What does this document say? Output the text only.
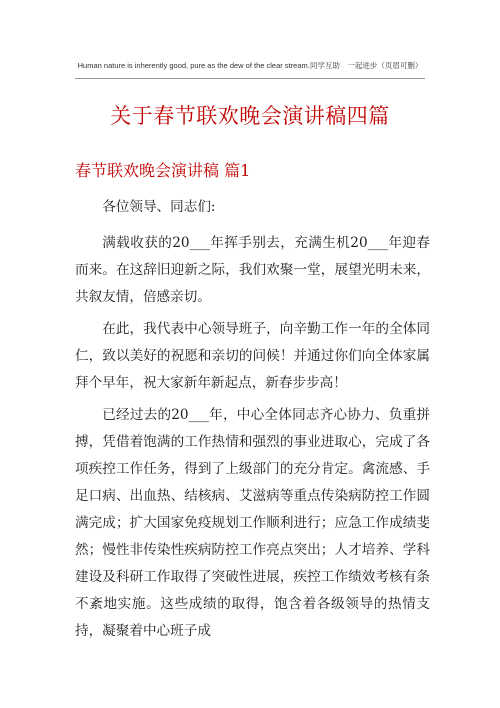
Human nature is inherently good, pure as the dew of the clear stream.同学互助　一起进步（页眉可删）
关于春节联欢晚会演讲稿四篇
春节联欢晚会演讲稿 篇1

各位领导、同志们:

满载收获的20___年挥手别去，充满生机20___年迎春而来。在这辞旧迎新之际，我们欢聚一堂，展望光明未来，共叙友情，倍感亲切。

在此，我代表中心领导班子，向辛勤工作一年的全体同仁，致以美好的祝愿和亲切的问候！并通过你们向全体家属拜个早年，祝大家新年新起点，新春步步高！

已经过去的20___年，中心全体同志齐心协力、负重拼搏，凭借着饱满的工作热情和强烈的事业进取心，完成了各项疾控工作任务，得到了上级部门的充分肯定。禽流感、手足口病、出血热、结核病、艾滋病等重点传染病防控工作圆满完成；扩大国家免疫规划工作顺利进行；应急工作成绩斐然；慢性非传染性疾病防控工作亮点突出；人才培养、学科建设及科研工作取得了突破性进展，疾控工作绩效考核有条不紊地实施。这些成绩的取得，饱含着各级领导的热情支持，凝聚着中心班子成
